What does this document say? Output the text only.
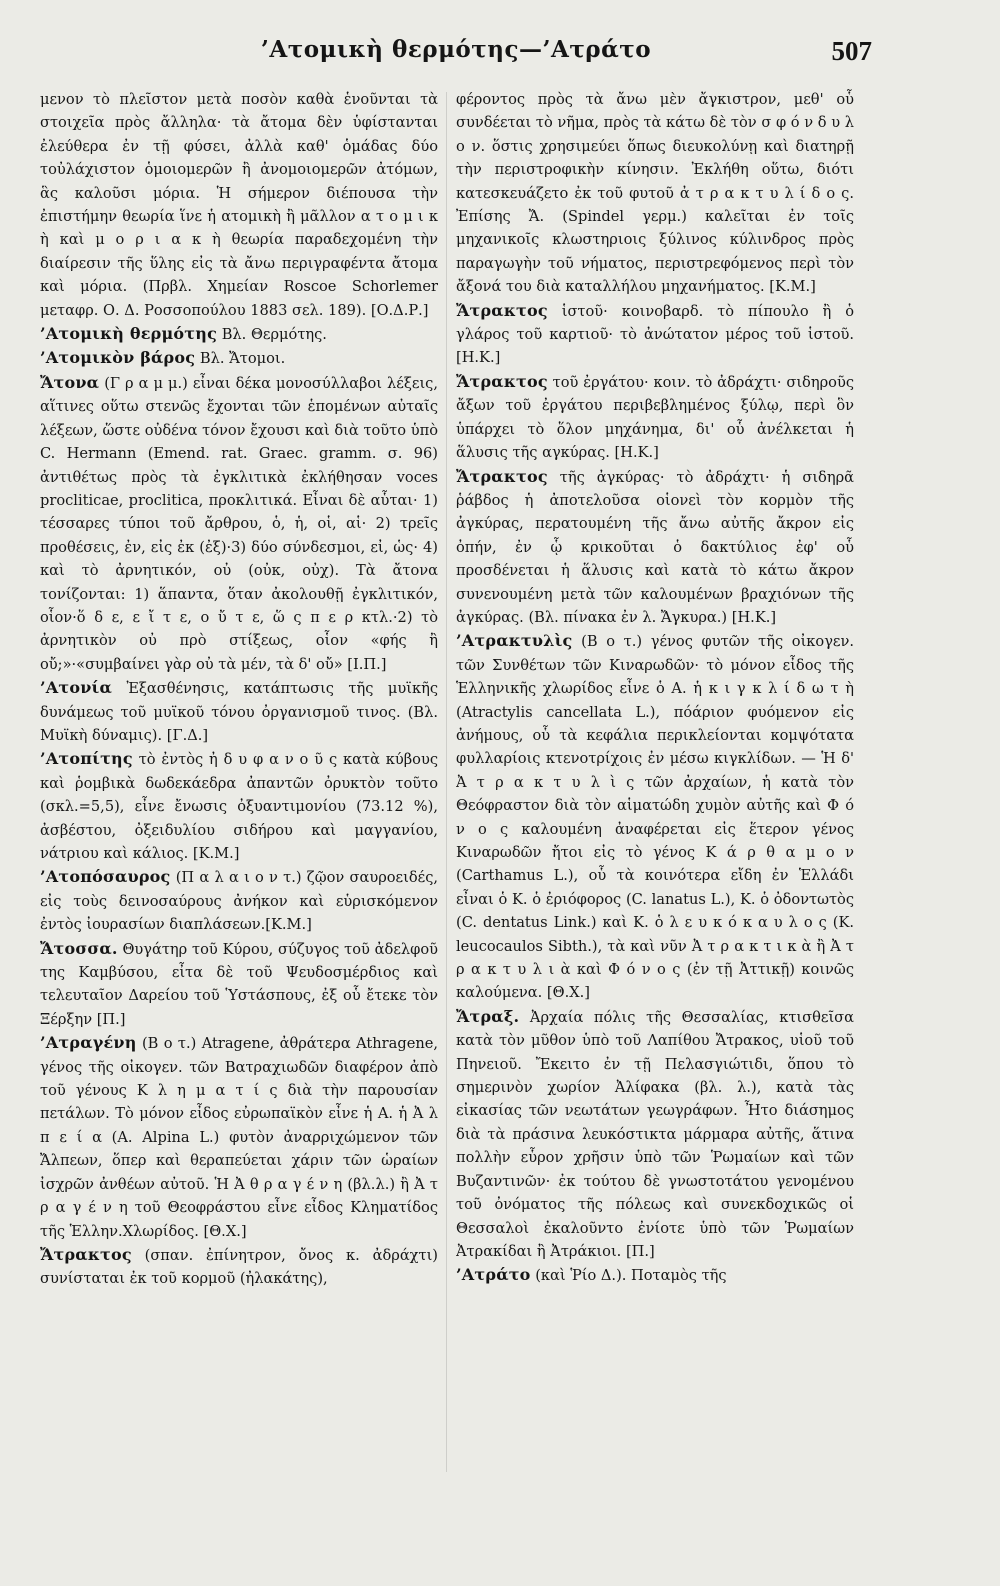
’Ατομικὴ θερμότης—’Ατράτο	507

μενον τὸ πλεῖστον μετὰ ποσὸν καθὰ ἑνοῦνται τὰ στοιχεῖα πρὸς ἄλληλα· τὰ ἄτομα δὲν ὑφίστανται ἐλεύθερα ἐν τῇ φύσει, ἀλλὰ καθ' ὁμάδας δύο τοὐλάχιστον ὁμοιομερῶν ἢ ἀνομοιομερῶν ἀτόμων, ἃς καλοῦσι μόρια. Ἡ σήμερον διέπουσα τὴν ἐπιστήμην θεωρία ἵνε ἡ ατομικὴ ἢ μᾶλλον α τ ο μ ι κ ὴ καὶ μ ο ρ ι α κ ὴ θεωρία παραδεχομένη τὴν διαίρεσιν τῆς ὕλης εἰς τὰ ἄνω περιγραφέντα ἄτομα καὶ μόρια. (Πρβλ. Χημείαν Roscoe Schorlemer μεταφρ. Ο. Δ. Ροσσοπούλου 1883 σελ. 189). [Ο.Δ.Ρ.]

’Ατομικὴ θερμότης Βλ. Θερμότης.

’Ατομικὸν βάρος Βλ. Ἄτομοι.

Ἄτονα (Γ ρ α μ μ.) εἶναι δέκα μονοσύλλαβοι λέξεις, αἵτινες οὕτω στενῶς ἔχονται τῶν ἑπομένων αὐταῖς λέξεων, ὥστε οὐδένα τόνον ἔχουσι καὶ διὰ τοῦτο ὑπὸ C. Hermann (Emend. rat. Graec. gramm. σ. 96) ἀντιθέτως πρὸς τὰ ἐγκλιτικὰ ἐκλήθησαν voces procliticae, proclitica, προκλιτικά. Εἶναι δὲ αὗται· 1) τέσσαρες τύποι τοῦ ἄρθρου, ὁ, ἡ, οἱ, αἱ· 2) τρεῖς προθέσεις, ἐν, εἰς ἐκ (ἐξ)·3) δύο σύνδεσμοι, εἰ, ὡς· 4) καὶ τὸ ἀρνητικόν, οὐ (οὐκ, οὐχ). Τὰ ἄτονα τονίζονται: 1) ἅπαντα, ὅταν ἀκολουθῇ ἐγκλιτικόν, οἷον·ὅ δ ε, ε ἴ τ ε, ο ὔ τ ε, ὥ ς π ε ρ κτλ.·2) τὸ ἀρνητικὸν οὐ πρὸ στίξεως, οἷον «φής ἢ οὔ;»·«συμβαίνει γὰρ οὐ τὰ μέν, τὰ δ' οὔ» [Ι.Π.]

’Ατονία Ἐξασθένησις, κατάπτωσις τῆς μυϊκῆς δυνάμεως τοῦ μυϊκοῦ τόνου ὀργανισμοῦ τινος. (Βλ. Μυϊκὴ δύναμις). [Γ.Δ.]

’Ατοπίτης τὸ ἐντὸς ἠ δ υ φ α ν ο ῦ ς κατὰ κύβους καὶ ῥομβικὰ δωδεκάεδρα ἀπαντῶν ὀρυκτὸν τοῦτο (σκλ.=5,5), εἶνε ἔνωσις ὀξυαντιμονίου (73.12 %), ἀσβέστου, ὀξειδυλίου σιδήρου καὶ μαγγανίου, νάτριου καὶ κάλιος. [Κ.Μ.]

’Ατοπόσαυρος (Π α λ α ι ο ν τ.) ζῷον σαυροειδές, εἰς τοὺς δεινοσαύρους ἀνήκον καὶ εὑρισκόμενον ἐντὸς ἰουρασίων διαπλάσεων.[Κ.Μ.]

Ἄτοσσα. Θυγάτηρ τοῦ Κύρου, σύζυγος τοῦ ἀδελφοῦ της Καμβύσου, εἶτα δὲ τοῦ Ψευδοσμέρδιος καὶ τελευταῖον Δαρείου τοῦ Ὑστάσπους, ἐξ οὗ ἔτεκε τὸν Ξέρξην [Π.]

’Ατραγένη (Β ο τ.) Atragene, ἀθράτερα Athragene, γένος τῆς οἰκογεν. τῶν Βατραχιωδῶν διαφέρον ἀπὸ τοῦ γένους Κ λ η μ α τ ί ς διὰ τὴν παρουσίαν πετάλων. Τὸ μόνον εἶδος εὐρωπαϊκὸν εἶνε ἡ Α. ἡ Ἀ λ π ε ί α (A. Alpina L.) φυτὸν ἀναρριχώμενον τῶν Ἄλπεων, ὅπερ καὶ θεραπεύεται χάριν τῶν ὡραίων ἰσχρῶν ἀνθέων αὐτοῦ. Ἡ Ἀ θ ρ α γ έ ν η (βλ.λ.) ἢ Ἀ τ ρ α γ έ ν η τοῦ Θεοφράστου εἶνε εἶδος Κληματίδος τῆς Ἑλλην.Χλωρίδος. [Θ.Χ.]

Ἄτρακτος (σπαν. ἐπίνητρον, ὄνος κ. ἀδράχτι) συνίσταται ἐκ τοῦ κορμοῦ (ἠλακάτης),

φέροντος πρὸς τὰ ἄνω μὲν ἄγκιστρον, μεθ' οὗ συνδέεται τὸ νῆμα, πρὸς τὰ κάτω δὲ τὸν σ φ ό ν δ υ λ ο ν. ὅστις χρησιμεύει ὅπως διευκολύνῃ καὶ διατηρῇ τὴν περιστροφικὴν κίνησιν. Ἐκλήθη οὕτω, διότι κατεσκευάζετο ἐκ τοῦ φυτοῦ ἀ τ ρ α κ τ υ λ ί δ ο ς. Ἐπίσης Ἄ. (Spindel γερμ.) καλεῖται ἐν τοῖς μηχανικοῖς κλωστηριοις ξύλινος κύλινδρος πρὸς παραγωγὴν τοῦ νήματος, περιστρεφόμενος περὶ τὸν ἄξονά του διὰ καταλλήλου μηχανήματος. [Κ.Μ.]

Ἄτρακτος ἱστοῦ· κοινοβαρδ. τὸ πίπουλο ἢ ὁ γλάρος τοῦ καρτιοῦ· τὸ ἀνώτατον μέρος τοῦ ἱστοῦ. [Η.Κ.]

Ἄτρακτος τοῦ ἐργάτου· κοιν. τὸ ἀδράχτι· σιδηροῦς ἄξων τοῦ ἐργάτου περιβεβλημένος ξύλῳ, περὶ ὃν ὑπάρχει τὸ ὅλον μηχάνημα, δι' οὗ ἀνέλκεται ἡ ἅλυσις τῆς αγκύρας. [Η.Κ.]

Ἄτρακτος τῆς ἀγκύρας· τὸ ἀδράχτι· ἡ σιδηρᾶ ῥάβδος ἡ ἀποτελοῦσα οἱονεὶ τὸν κορμὸν τῆς ἀγκύρας, περατουμένη τῆς ἄνω αὐτῆς ἄκρον εἰς ὀπήν, ἐν ᾧ κρικοῦται ὁ δακτύλιος ἐφ' οὗ προσδένεται ἡ ἅλυσις καὶ κατὰ τὸ κάτω ἄκρον συνενουμένη μετὰ τῶν καλουμένων βραχιόνων τῆς ἀγκύρας. (Βλ. πίνακα ἐν λ. Ἄγκυρα.) [Η.Κ.]

’Ατρακτυλὶς (Β ο τ.) γένος φυτῶν τῆς οἰκογεν. τῶν Συνθέτων τῶν Κιναρωδῶν· τὸ μόνον εἶδος τῆς Ἑλληνικῆς χλωρίδος εἶνε ὁ Α. ἡ κ ι γ κ λ ί δ ω τ ὴ (Atractylis cancellata L.), πόάριον φυόμενον εἰς ἀνήμους, οὗ τὰ κεφάλια περικλείονται κομψότατα φυλλαρίοις κτενοτρίχοις ἐν μέσω κιγκλίδων. — Ἡ δ' Ἀ τ ρ α κ τ υ λ ὶ ς τῶν ἀρχαίων, ἡ κατὰ τὸν Θεόφραστον διὰ τὸν αἱματώδη χυμὸν αὐτῆς καὶ Φ ό ν ο ς καλουμένη ἀναφέρεται εἰς ἕτερον γένος Κιναρωδῶν ἤτοι εἰς τὸ γένος Κ ά ρ θ α μ ο ν (Carthamus L.), οὗ τὰ κοινότερα εἴδη ἐν Ἑλλάδι εἶναι ὁ Κ. ὁ ἐριόφορος (C. lanatus L.), Κ. ὁ ὀδοντωτὸς (C. dentatus Link.) καὶ Κ. ὁ λ ε υ κ ό κ α υ λ ο ς (K. leucocaulos Sibth.), τὰ καὶ νῦν Ἀ τ ρ α κ τ ι κ ὰ ἢ Ἀ τ ρ α κ τ υ λ ι ὰ καὶ Φ ό ν ο ς (ἐν τῇ Ἀττικῇ) κοινῶς καλούμενα. [Θ.Χ.]

Ἄτραξ. Ἀρχαία πόλις τῆς Θεσσαλίας, κτισθεῖσα κατὰ τὸν μῦθον ὑπὸ τοῦ Λαπίθου Ἄτρακος, υἱοῦ τοῦ Πηνειοῦ. Ἔκειτο ἐν τῇ Πελασγιώτιδι, ὅπου τὸ σημερινὸν χωρίον Ἀλίφακα (βλ. λ.), κατὰ τὰς εἰκασίας τῶν νεωτάτων γεωγράφων. Ἦτο διάσημος διὰ τὰ πράσινα λευκόστικτα μάρμαρα αὐτῆς, ἅτινα πολλὴν εὗρον χρῆσιν ὑπὸ τῶν Ῥωμαίων καὶ τῶν Βυζαντινῶν· ἐκ τούτου δὲ γνωστοτάτου γενομένου τοῦ ὀνόματος τῆς πόλεως καὶ συνεκδοχικῶς οἱ Θεσσαλοὶ ἐκαλοῦντο ἐνίοτε ὑπὸ τῶν Ῥωμαίων Ἀτρακίδαι ἢ Ἀτράκιοι. [Π.]

’Ατράτο (καὶ Ῥίο Δ.). Ποταμὸς τῆς
